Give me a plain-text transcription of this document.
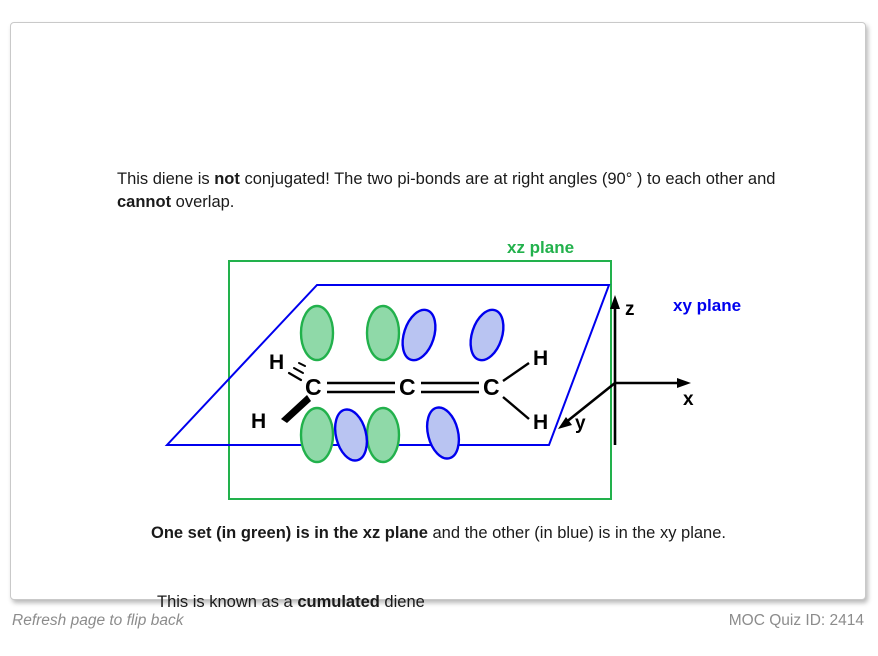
This diene is not conjugated! The two pi-bonds are at right angles (90° ) to each other and cannot overlap.

H
H
C	C	C
H
H
xz plane
xy plane
z
x
y

One set (in green) is in the xz plane and the other (in blue) is in the xy plane.

This is known as a cumulated diene

Refresh page to flip back	MOC Quiz ID: 2414
